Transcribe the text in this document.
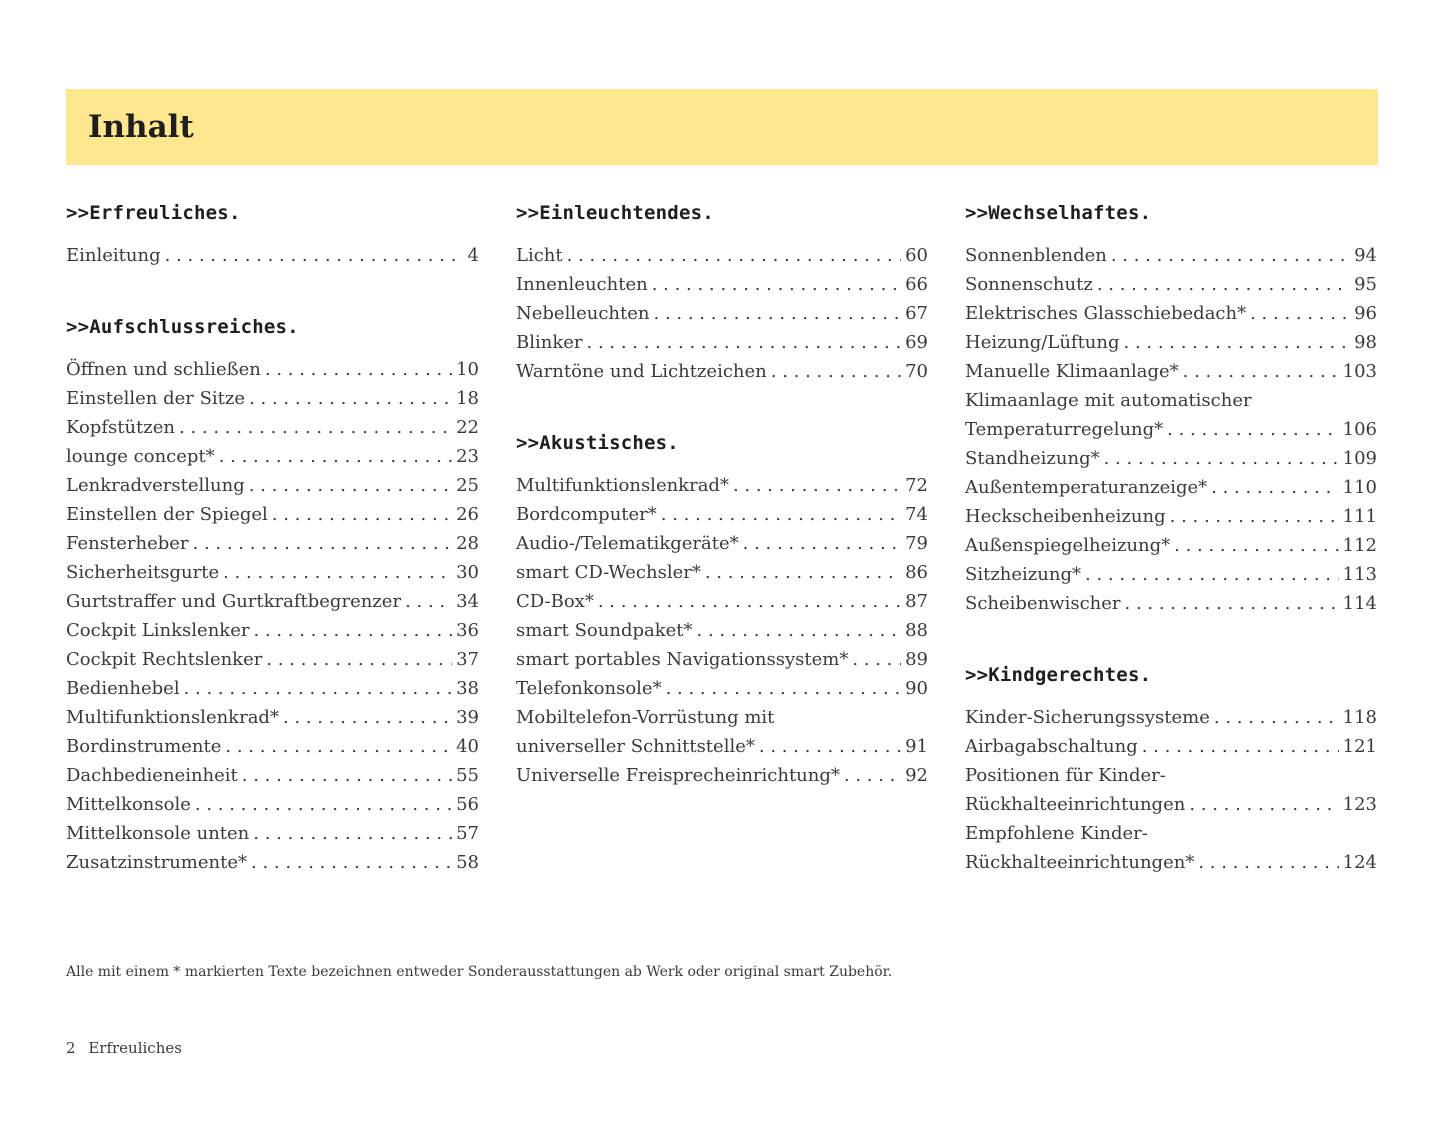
Inhalt
>>Erfreuliches.
Einleitung . . .	4
>>Aufschlussreiches.
Öffnen und schließen . . .	10
Einstellen der Sitze . . .	18
Kopfstützen . . .	22
lounge concept* . . .	23
Lenkradverstellung . . .	25
Einstellen der Spiegel . . .	26
Fensterheber . . .	28
Sicherheitsgurte . . .	30
Gurtstraffer und Gurtkraftbegrenzer . . .	34
Cockpit Linkslenker . . .	36
Cockpit Rechtslenker . . .	37
Bedienhebel . . .	38
Multifunktionslenkrad* . . .	39
Bordinstrumente . . .	40
Dachbedieneinheit . . .	55
Mittelkonsole . . .	56
Mittelkonsole unten . . .	57
Zusatzinstrumente* . . .	58
>>Einleuchtendes.
Licht . . .	60
Innenleuchten . . .	66
Nebelleuchten . . .	67
Blinker . . .	69
Warntöne und Lichtzeichen . . .	70
>>Akustisches.
Multifunktionslenkrad* . . .	72
Bordcomputer* . . .	74
Audio-/Telematikgeräte* . . .	79
smart CD-Wechsler* . . .	86
CD-Box* . . .	87
smart Soundpaket* . . .	88
smart portables Navigationssystem* . . .	89
Telefonkonsole* . . .	90
Mobiltelefon-Vorrüstung mit
universeller Schnittstelle* . . .	91
Universelle Freisprecheinrichtung* . . .	92
>>Wechselhaftes.
Sonnenblenden . . .	94
Sonnenschutz . . .	95
Elektrisches Glasschiebedach* . . .	96
Heizung/Lüftung . . .	98
Manuelle Klimaanlage* . . .	103
Klimaanlage mit automatischer
Temperaturregelung* . . .	106
Standheizung* . . .	109
Außentemperaturanzeige* . . .	110
Heckscheibenheizung . . .	111
Außenspiegelheizung* . . .	112
Sitzheizung* . . .	113
Scheibenwischer . . .	114
>>Kindgerechtes.
Kinder-Sicherungssysteme . . .	118
Airbagabschaltung . . .	121
Positionen für Kinder-
Rückhalteeinrichtungen . . .	123
Empfohlene Kinder-
Rückhalteeinrichtungen* . . .	124
Alle mit einem * markierten Texte bezeichnen entweder Sonderausstattungen ab Werk oder original smart Zubehör.
2 Erfreuliches
